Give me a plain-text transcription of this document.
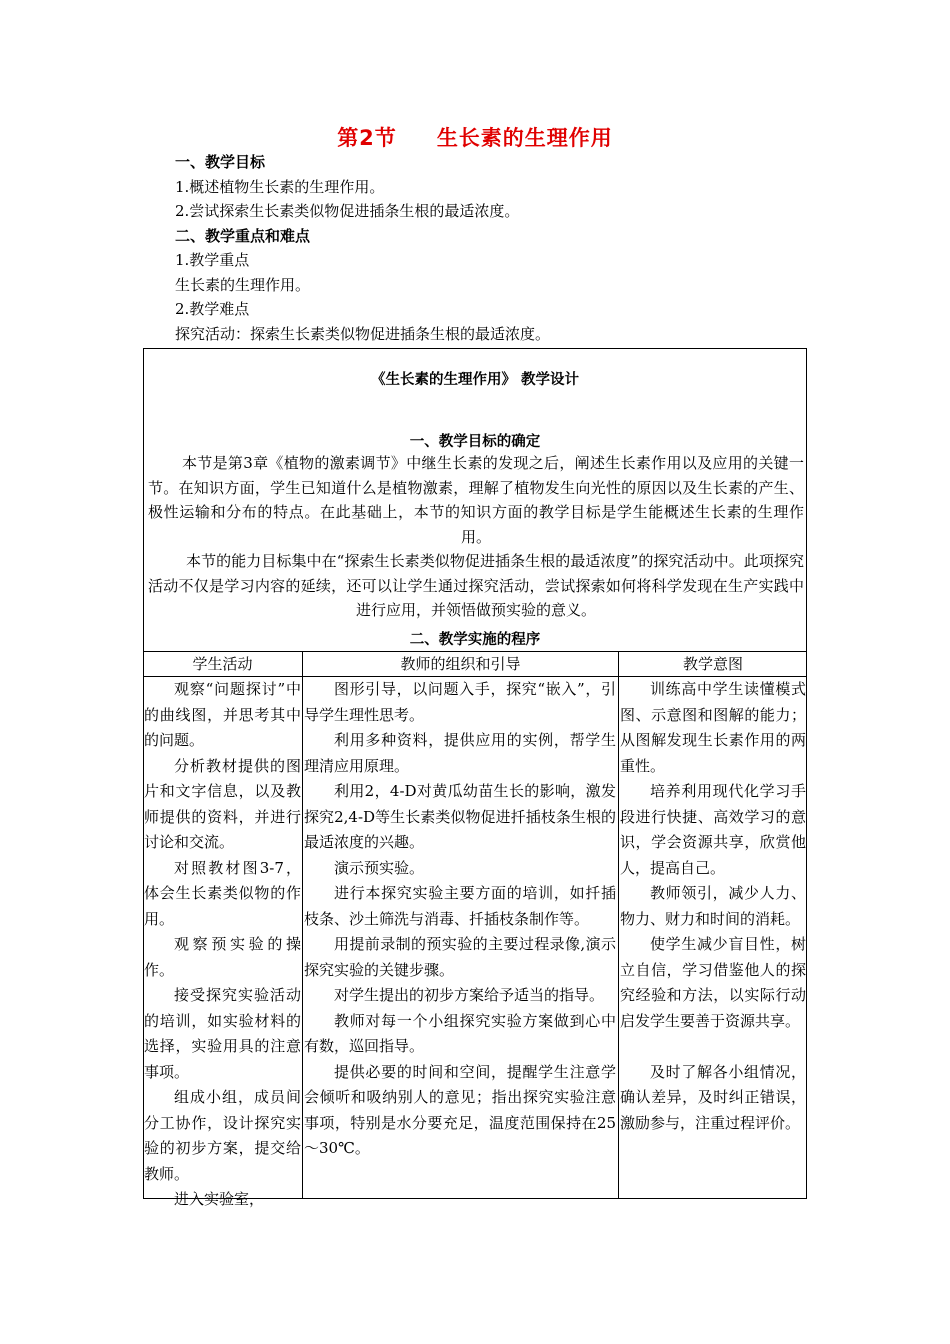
第2节 生长素的生理作用
一、教学目标
1.概述植物生长素的生理作用。
2.尝试探索生长素类似物促进插条生根的最适浓度。
二、教学重点和难点
1.教学重点
生长素的生理作用。
2.教学难点
探究活动：探索生长素类似物促进插条生根的最适浓度。
《生长素的生理作用》 教学设计
一、教学目标的确定
本节是第3章《植物的激素调节》中继生长素的发现之后，阐述生长素作用以及应用的关键一节。在知识方面，学生已知道什么是植物激素，理解了植物发生向光性的原因以及生长素的产生、极性运输和分布的特点。在此基础上，本节的知识方面的教学目标是学生能概述生长素的生理作用。
本节的能力目标集中在“探索生长素类似物促进插条生根的最适浓度”的探究活动中。此项探究活动不仅是学习内容的延续，还可以让学生通过探究活动，尝试探索如何将科学发现在生产实践中进行应用，并领悟做预实验的意义。
二、教学实施的程序
学生活动	教师的组织和引导	教学意图

观察“问题探讨”中的曲线图，并思考其中的问题。

分析教材提供的图片和文字信息，以及教师提供的资料，并进行讨论和交流。

对照教材图3-7，体会生长素类似物的作用。

观察预实验的操作。

接受探究实验活动的培训，如实验材料的选择，实验用具的注意事项。

组成小组，成员间分工协作，设计探究实验的初步方案，提交给教师。

进入实验室，

图形引导，以问题入手，探究“嵌入”，引导学生理性思考。

利用多种资料，提供应用的实例，帮学生理清应用原理。

利用2，4-D对黄瓜幼苗生长的影响，激发探究2,4-D等生长素类似物促进扦插枝条生根的最适浓度的兴趣。

演示预实验。

进行本探究实验主要方面的培训，如扦插枝条、沙土筛洗与消毒、扦插枝条制作等。

用提前录制的预实验的主要过程录像,演示探究实验的关键步骤。

对学生提出的初步方案给予适当的指导。

教师对每一个小组探究实验方案做到心中有数，巡回指导。

提供必要的时间和空间，提醒学生注意学会倾听和吸纳别人的意见；指出探究实验注意事项，特别是水分要充足，温度范围保持在25～30℃。

训练高中学生读懂模式图、示意图和图解的能力；从图解发现生长素作用的两重性。

培养利用现代化学习手段进行快捷、高效学习的意识，学会资源共享，欣赏他人，提高自己。

教师领引，减少人力、物力、财力和时间的消耗。

使学生减少盲目性，树立自信，学习借鉴他人的探究经验和方法，以实际行动启发学生要善于资源共享。

及时了解各小组情况，确认差异，及时纠正错误，激励参与，注重过程评价。
